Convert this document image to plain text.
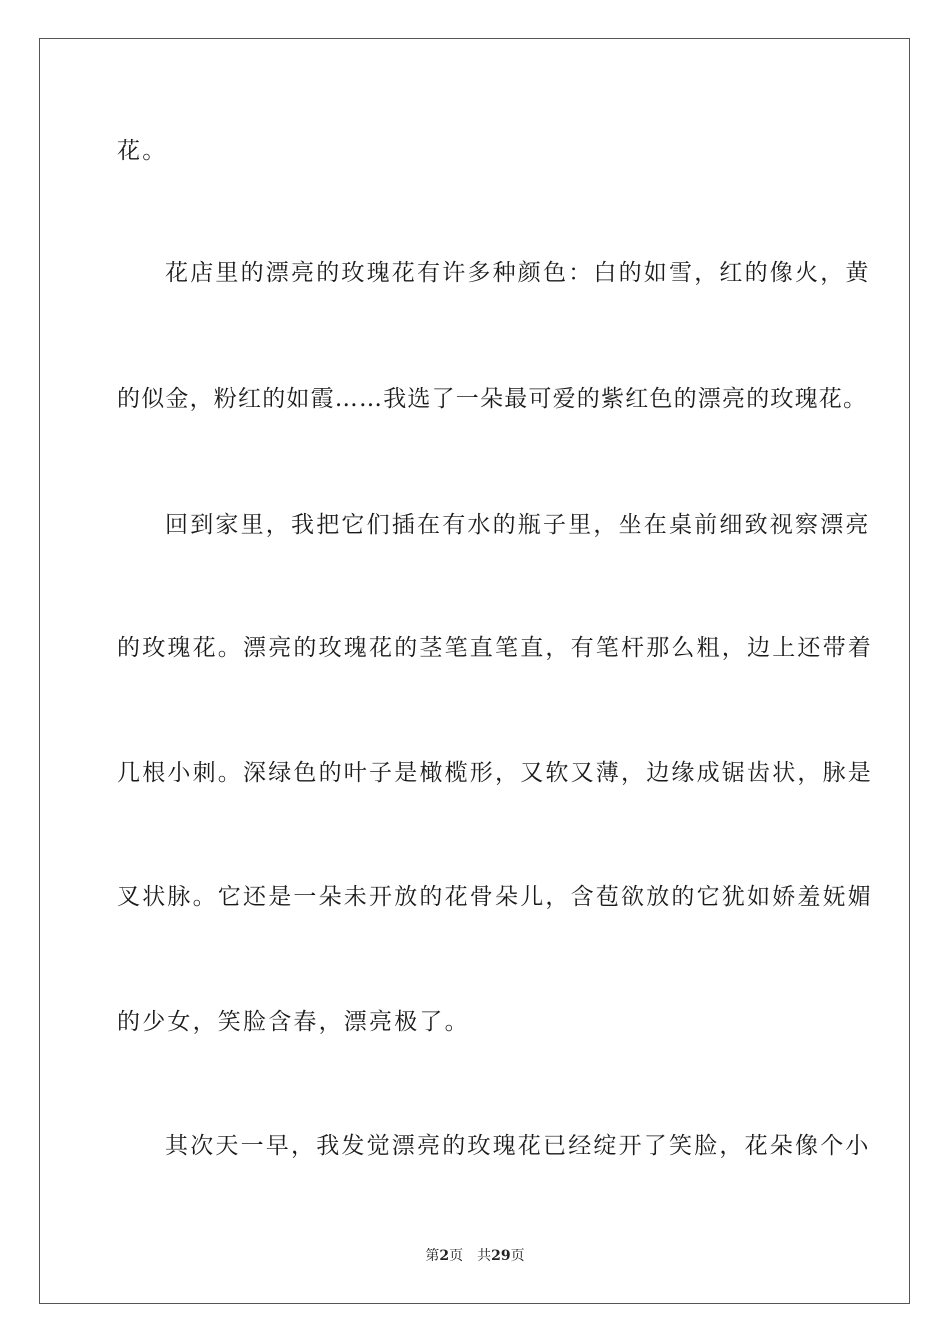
花。
花店里的漂亮的玫瑰花有许多种颜色：白的如雪，红的像火，黄
的似金，粉红的如霞……我选了一朵最可爱的紫红色的漂亮的玫瑰花。
回到家里，我把它们插在有水的瓶子里，坐在桌前细致视察漂亮
的玫瑰花。漂亮的玫瑰花的茎笔直笔直，有笔杆那么粗，边上还带着
几根小刺。深绿色的叶子是橄榄形，又软又薄，边缘成锯齿状，脉是
叉状脉。它还是一朵未开放的花骨朵儿，含苞欲放的它犹如娇羞妩媚
的少女，笑脸含春，漂亮极了。
其次天一早，我发觉漂亮的玫瑰花已经绽开了笑脸，花朵像个小
第2页 共29页
